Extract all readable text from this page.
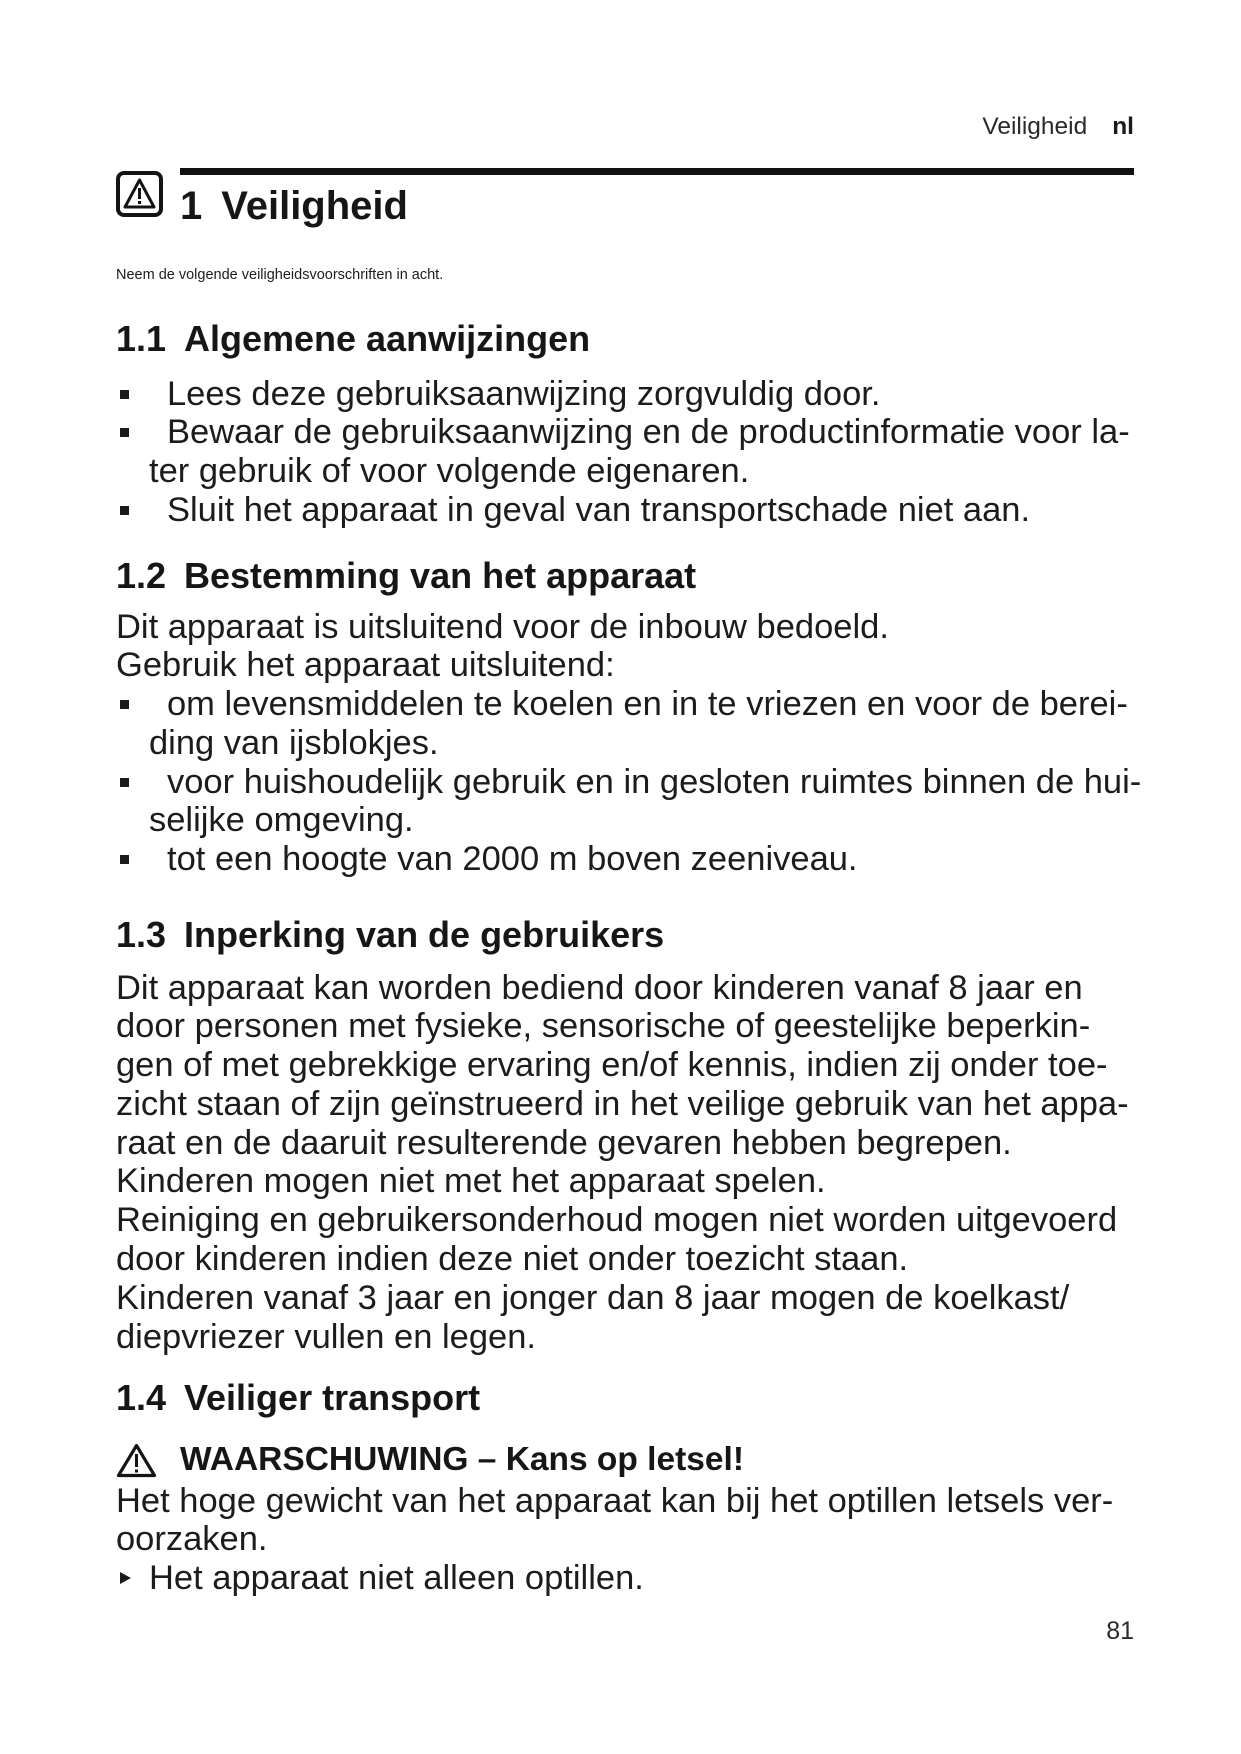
Veiligheid nl
1 Veiligheid
Neem de volgende veiligheidsvoorschriften in acht.
1.1 Algemene aanwijzingen
Lees deze gebruiksaanwijzing zorgvuldig door.
Bewaar de gebruiksaanwijzing en de productinformatie voor la-
ter gebruik of voor volgende eigenaren.
Sluit het apparaat in geval van transportschade niet aan.
1.2 Bestemming van het apparaat
Dit apparaat is uitsluitend voor de inbouw bedoeld.
Gebruik het apparaat uitsluitend:
om levensmiddelen te koelen en in te vriezen en voor de berei-
ding van ijsblokjes.
voor huishoudelijk gebruik en in gesloten ruimtes binnen de hui-
selijke omgeving.
tot een hoogte van 2000 m boven zeeniveau.
1.3 Inperking van de gebruikers
Dit apparaat kan worden bediend door kinderen vanaf 8 jaar en
door personen met fysieke, sensorische of geestelijke beperkin-
gen of met gebrekkige ervaring en/of kennis, indien zij onder toe-
zicht staan of zijn geïnstrueerd in het veilige gebruik van het appa-
raat en de daaruit resulterende gevaren hebben begrepen.
Kinderen mogen niet met het apparaat spelen.
Reiniging en gebruikersonderhoud mogen niet worden uitgevoerd
door kinderen indien deze niet onder toezicht staan.
Kinderen vanaf 3 jaar en jonger dan 8 jaar mogen de koelkast/
diepvriezer vullen en legen.
1.4 Veiliger transport
WAARSCHUWING – Kans op letsel!
Het hoge gewicht van het apparaat kan bij het optillen letsels ver-
oorzaken.
Het apparaat niet alleen optillen.
81
